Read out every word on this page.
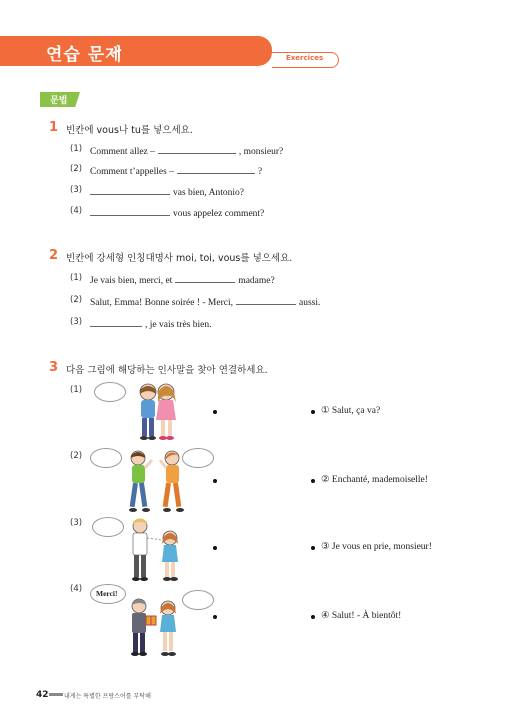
연습 문제	Exercices
문법
1 빈칸에 vous나 tu를 넣으세요.
(1) Comment allez –	, monsieur?
(2) Comment t’appelles –	?
(3)	vas bien, Antonio?
(4)	vous appelez comment?
2 빈칸에 강세형 인칭대명사 moi, toi, vous를 넣으세요.
(1) Je vais bien, merci, et	madame?
(2) Salut, Emma! Bonne soirée ! - Merci,	aussi.
(3)	, je vais très bien.
3 다음 그림에 해당하는 인사말을 찾아 연결하세요.
(1)
① Salut, ça va?
(2)
② Enchanté, mademoiselle!
(3)
③ Je vous en prie, monsieur!
(4) Merci!
④ Salut! - À bientôt!
42	내게는 특별한 프랑스어를 부탁해
